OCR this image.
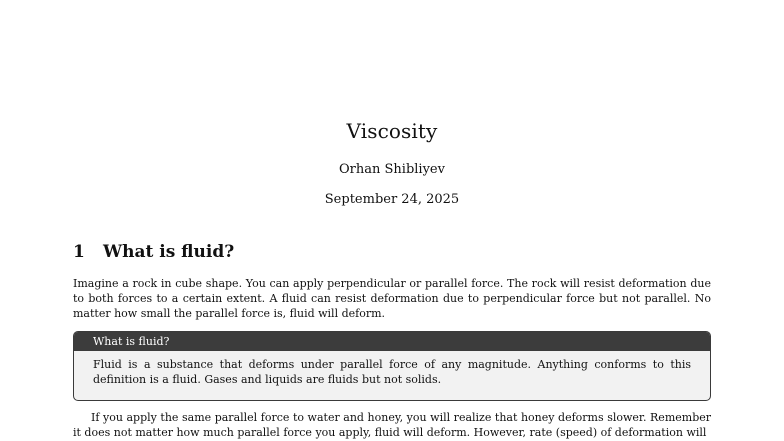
Viscosity
Orhan Shibliyev
September 24, 2025
1 What is fluid?
Imagine a rock in cube shape. You can apply perpendicular or parallel force. The rock will resist deformation due to both forces to a certain extent. A fluid can resist deformation due to perpendicular force but not parallel. No matter how small the parallel force is, fluid will deform.
What is fluid?
Fluid is a substance that deforms under parallel force of any magnitude. Anything conforms to this definition is a fluid. Gases and liquids are fluids but not solids.
If you apply the same parallel force to water and honey, you will realize that honey deforms slower. Remember it does not matter how much parallel force you apply, fluid will deform. However, rate (speed) of deformation will
